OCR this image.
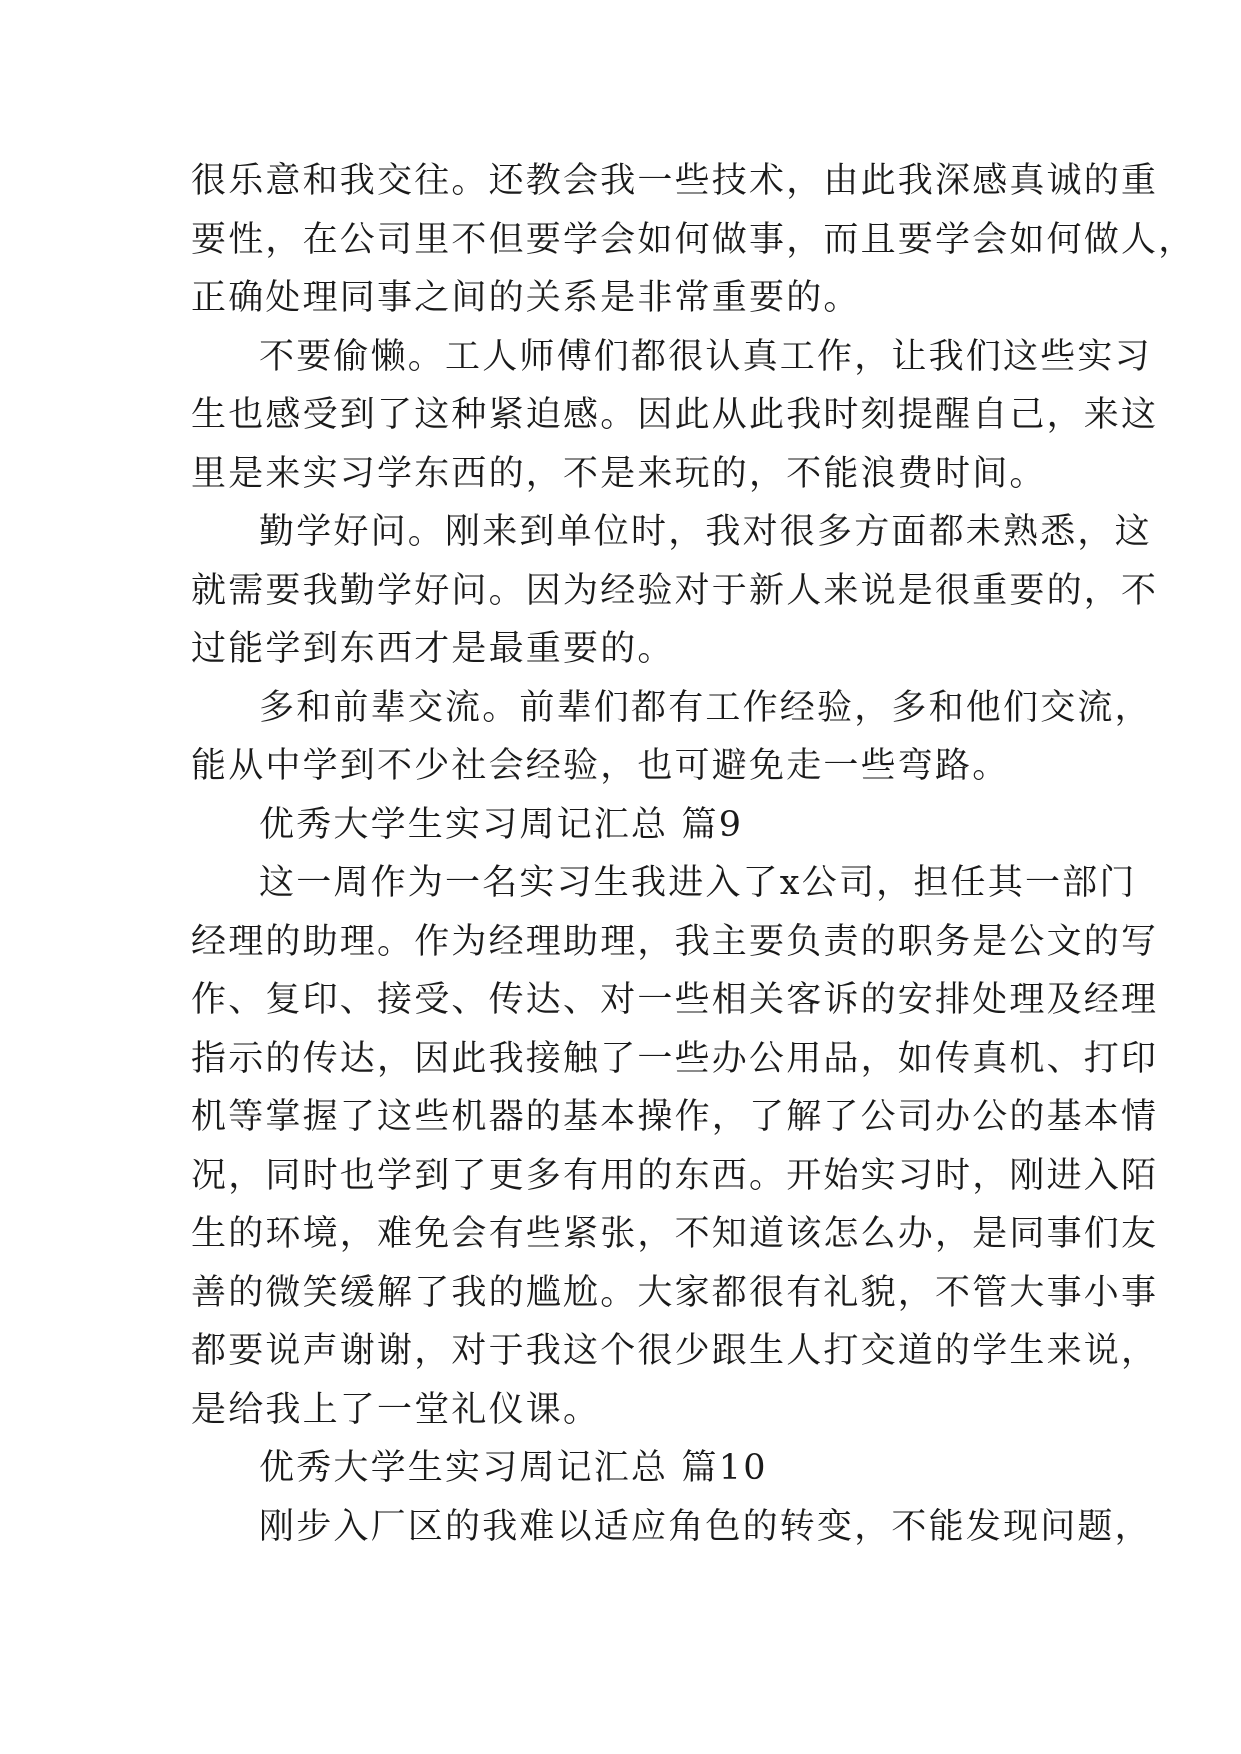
很乐意和我交往。还教会我一些技术，由此我深感真诚的重
要性，在公司里不但要学会如何做事，而且要学会如何做人，
正确处理同事之间的关系是非常重要的。
不要偷懒。工人师傅们都很认真工作，让我们这些实习
生也感受到了这种紧迫感。因此从此我时刻提醒自己，来这
里是来实习学东西的，不是来玩的，不能浪费时间。
勤学好问。刚来到单位时，我对很多方面都未熟悉，这
就需要我勤学好问。因为经验对于新人来说是很重要的，不
过能学到东西才是最重要的。
多和前辈交流。前辈们都有工作经验，多和他们交流，
能从中学到不少社会经验，也可避免走一些弯路。
优秀大学生实习周记汇总 篇9
这一周作为一名实习生我进入了x公司，担任其一部门
经理的助理。作为经理助理，我主要负责的职务是公文的写
作、复印、接受、传达、对一些相关客诉的安排处理及经理
指示的传达，因此我接触了一些办公用品，如传真机、打印
机等掌握了这些机器的基本操作，了解了公司办公的基本情
况，同时也学到了更多有用的东西。开始实习时，刚进入陌
生的环境，难免会有些紧张，不知道该怎么办，是同事们友
善的微笑缓解了我的尴尬。大家都很有礼貌，不管大事小事
都要说声谢谢，对于我这个很少跟生人打交道的学生来说，
是给我上了一堂礼仪课。
优秀大学生实习周记汇总 篇10
刚步入厂区的我难以适应角色的转变，不能发现问题，
